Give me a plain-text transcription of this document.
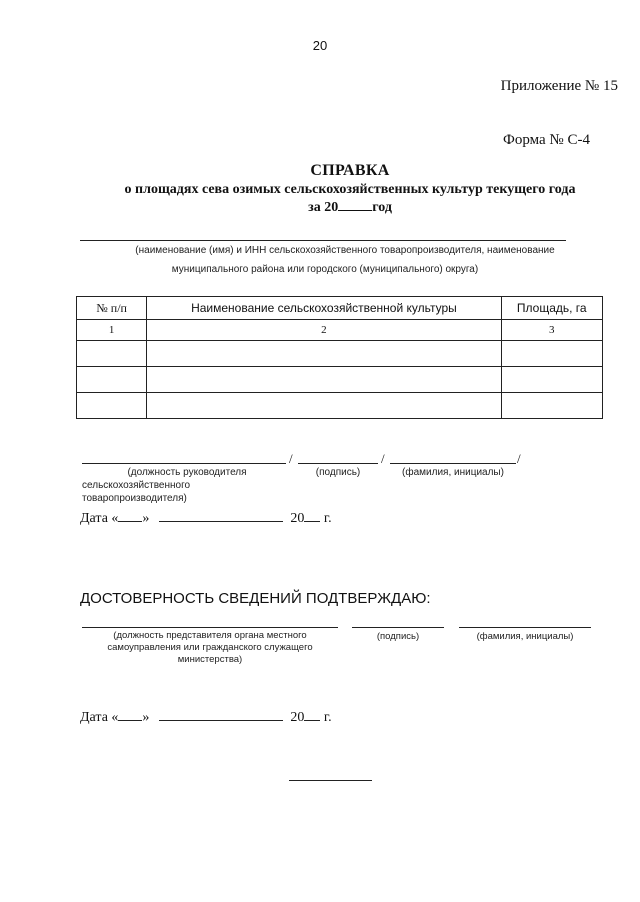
20
Приложение № 15
Форма № С-4
СПРАВКА
о площадях сева озимых сельскохозяйственных культур текущего года
за 20 год
(наименование (имя) и ИНН сельскохозяйственного товаропроизводителя, наименование
муниципального района или городского (муниципального) округа)
№ п/п	Наименование сельскохозяйственной культуры	Площадь, га
1	2	3

/	/	/
(должность руководителя
сельскохозяйственного товаропроизводителя)
(подпись)	(фамилия, инициалы)
Дата « »	20 г.
ДОСТОВЕРНОСТЬ СВЕДЕНИЙ ПОДТВЕРЖДАЮ:
(должность представителя органа местного
самоуправления или гражданского служащего
министерства)
(подпись)	(фамилия, инициалы)
Дата « »	20 г.
